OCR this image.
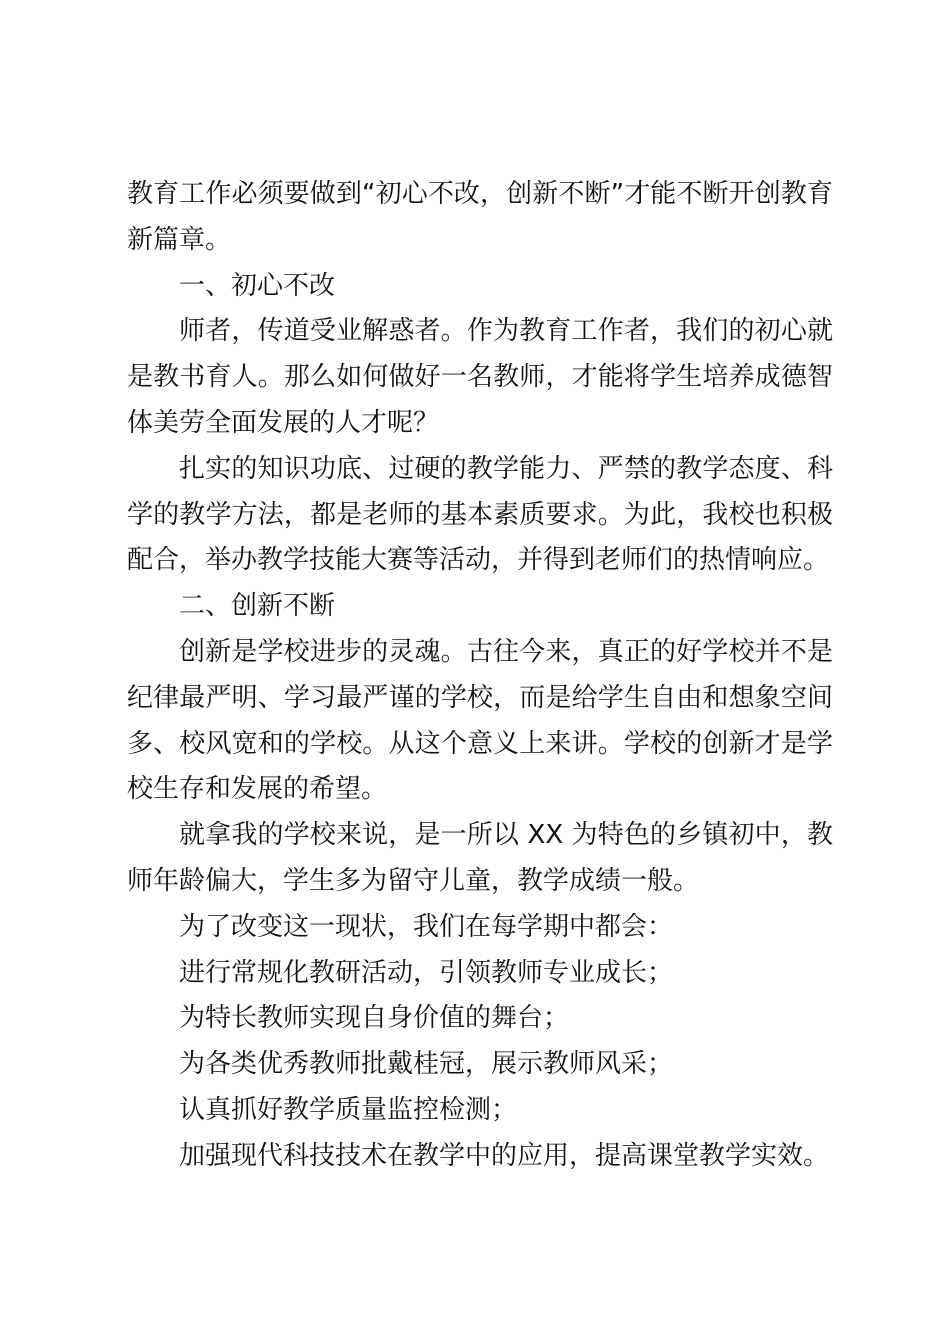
教育工作必须要做到“初心不改，创新不断”才能不断开创教育新篇章。

一、初心不改

师者，传道受业解惑者。作为教育工作者，我们的初心就是教书育人。那么如何做好一名教师，才能将学生培养成德智体美劳全面发展的人才呢？

扎实的知识功底、过硬的教学能力、严禁的教学态度、科学的教学方法，都是老师的基本素质要求。为此，我校也积极配合，举办教学技能大赛等活动，并得到老师们的热情响应。

二、创新不断

创新是学校进步的灵魂。古往今来，真正的好学校并不是纪律最严明、学习最严谨的学校，而是给学生自由和想象空间多、校风宽和的学校。从这个意义上来讲。学校的创新才是学校生存和发展的希望。

就拿我的学校来说，是一所以 XX 为特色的乡镇初中，教师年龄偏大，学生多为留守儿童，教学成绩一般。

为了改变这一现状，我们在每学期中都会：

进行常规化教研活动，引领教师专业成长；

为特长教师实现自身价值的舞台；

为各类优秀教师批戴桂冠，展示教师风采；

认真抓好教学质量监控检测；

加强现代科技技术在教学中的应用，提高课堂教学实效。
